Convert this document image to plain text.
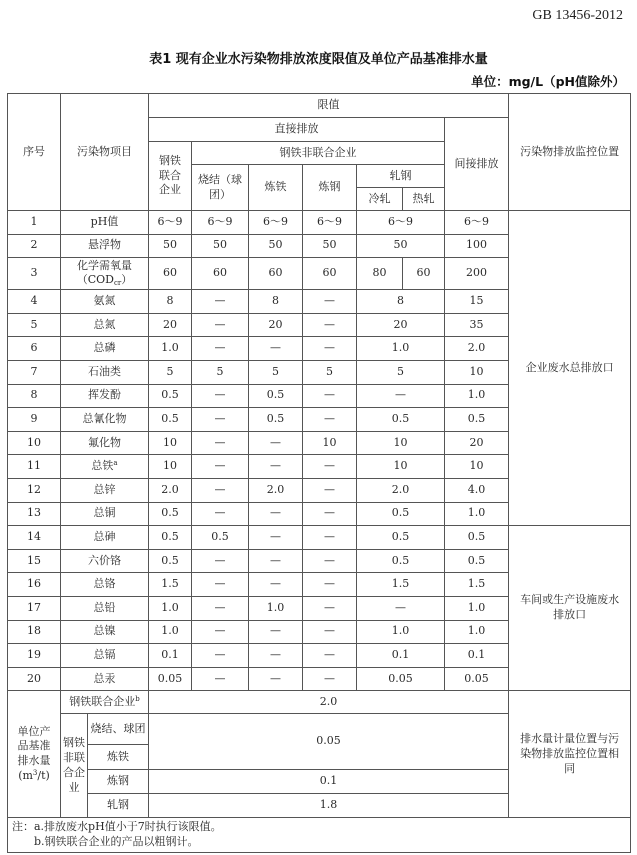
GB 13456-2012
表1 现有企业水污染物排放浓度限值及单位产品基准排水量
单位：mg/L（pH值除外）
序号	污染物项目		限值							污染物排放监控位置
			直接排放						间接排放	
			钢铁联合企业	钢铁非联合企业						
				烧结（球团）	炼铁	炼钢	轧钢			
							冷轧	热轧		
1	pH值		6～9	6～9	6～9	6～9	6～9		6～9	企业废水总排放口
2	悬浮物		50	50	50	50	50		100	
3	化学需氧量
$(COD_{cr})$		60	60	60	60	80	60	200	
4	氨氮		8	—	8	—	8		15	
5	总氮		20	—	20	—	20		35	
6	总磷		1.0	—	—	—	1.0		2.0	
7	石油类		5	5	5	5	5		10	
8	挥发酚		0.5	—	0.5	—	—		1.0	
9	总氰化物		0.5	—	0.5	—	0.5		0.5	
10	氟化物		10	—	—	10	10		20	
11	总铁$^a$		10	—	—	—	10		10	
12	总锌		2.0	—	2.0	—	2.0		4.0	
13	总铜		0.5	—	—	—	0.5		1.0	
14	总砷		0.5	0.5	—	—	0.5		0.5	车间或生产设施废水排放口
15	六价铬		0.5	—	—	—	0.5		0.5	
16	总铬		1.5	—	—	—	1.5		1.5	
17	总铅		1.0	—	1.0	—	—		1.0	
18	总镍		1.0	—	—	—	1.0		1.0	
19	总镉		0.1	—	—	—	0.1		0.1	
20	总汞		0.05	—	—	—	0.05		0.05	
单位产品基准排水量
$(m^3/t)$	钢铁联合企业$^b$		2.0							排水量计量位置与污染物排放监控位置相同
	钢铁非联合企业	烧结、球团	0.05							
		炼铁								
		炼钢	0.1							
		轧钢	1.8							

注：a.排放废水pH值小于7时执行该限值。
b.钢铁联合企业的产品以粗钢计。										
